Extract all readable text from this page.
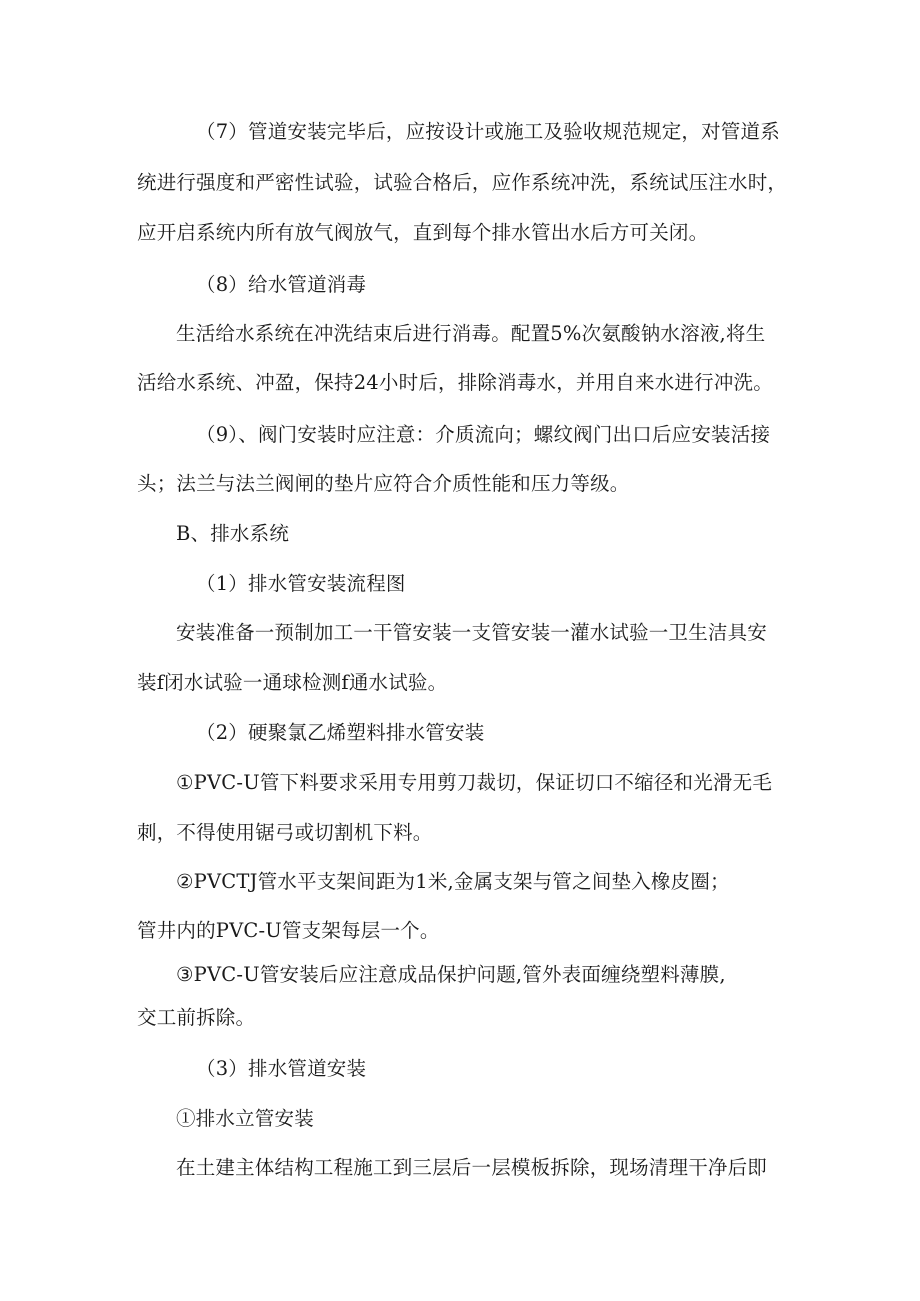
（7）管道安装完毕后，应按设计或施工及验收规范规定，对管道系
统进行强度和严密性试验，试验合格后，应作系统冲洗，系统试压注水时，
应开启系统内所有放气阀放气，直到每个排水管出水后方可关闭。
（8）给水管道消毒
生活给水系统在冲洗结束后进行消毒。配置5%次氨酸钠水溶液,将生
活给水系统、冲盈，保持24小时后，排除消毒水，并用自来水进行冲洗。
（9）、阀门安装时应注意：介质流向；螺纹阀门出口后应安装活接
头；法兰与法兰阀闸的垫片应符合介质性能和压力等级。
B、排水系统
（1）排水管安装流程图
安装准备一预制加工一干管安装一支管安装一灌水试验一卫生洁具安
装f闭水试验一通球检测f通水试验。
（2）硬聚氯乙烯塑料排水管安装
①PVC-U管下料要求采用专用剪刀裁切，保证切口不缩径和光滑无毛
刺，不得使用锯弓或切割机下料。
②PVCTJ管水平支架间距为1米,金属支架与管之间垫入橡皮圈；
管井内的PVC-U管支架每层一个。
③PVC-U管安装后应注意成品保护问题,管外表面缠绕塑料薄膜,
交工前拆除。
（3）排水管道安装
①排水立管安装
在土建主体结构工程施工到三层后一层模板拆除，现场清理干净后即
